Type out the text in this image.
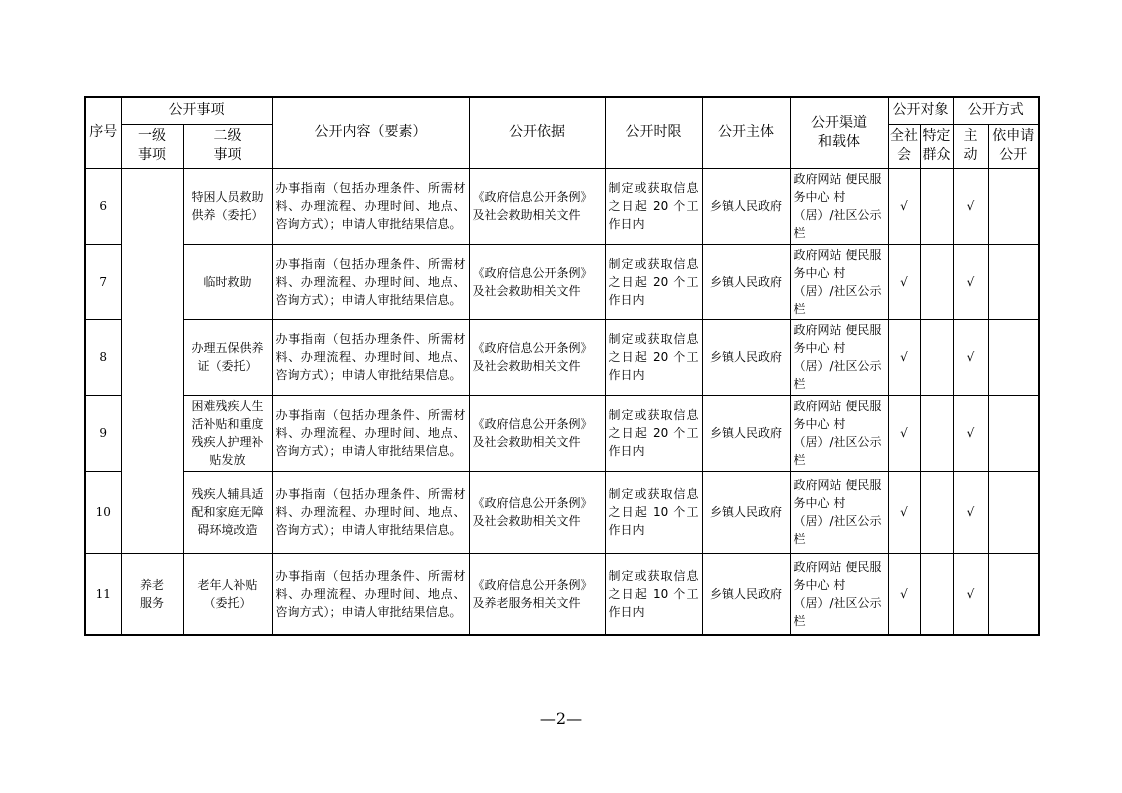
序号	公开事项		公开内容（要素）	公开依据	公开时限	公开主体	公开渠道和载体	公开对象		公开方式	
	一级事项	二级事项						全社会	特定群众	主动	依申请公开
6		特困人员救助供养（委托）	办事指南（包括办理条件、所需材料、办理流程、办理时间、地点、咨询方式）；申请人审批结果信息。	《政府信息公开条例》及社会救助相关文件	制定或获取信息之日起 20 个工作日内	乡镇人民政府	政府网站 便民服务中心 村（居）/社区公示栏	√		√	
7		临时救助	办事指南（包括办理条件、所需材料、办理流程、办理时间、地点、咨询方式）；申请人审批结果信息。	《政府信息公开条例》及社会救助相关文件	制定或获取信息之日起 20 个工作日内	乡镇人民政府	政府网站 便民服务中心 村（居）/社区公示栏	√		√	
8		办理五保供养证（委托）	办事指南（包括办理条件、所需材料、办理流程、办理时间、地点、咨询方式）；申请人审批结果信息。	《政府信息公开条例》及社会救助相关文件	制定或获取信息之日起 20 个工作日内	乡镇人民政府	政府网站 便民服务中心 村（居）/社区公示栏	√		√	
9		困难残疾人生活补贴和重度残疾人护理补贴发放	办事指南（包括办理条件、所需材料、办理流程、办理时间、地点、咨询方式）；申请人审批结果信息。	《政府信息公开条例》及社会救助相关文件	制定或获取信息之日起 20 个工作日内	乡镇人民政府	政府网站 便民服务中心 村（居）/社区公示栏	√		√	
10		残疾人辅具适配和家庭无障碍环境改造	办事指南（包括办理条件、所需材料、办理流程、办理时间、地点、咨询方式）；申请人审批结果信息。	《政府信息公开条例》及社会救助相关文件	制定或获取信息之日起 10 个工作日内	乡镇人民政府	政府网站 便民服务中心 村（居）/社区公示栏	√		√	
11	养老服务	老年人补贴（委托）	办事指南（包括办理条件、所需材料、办理流程、办理时间、地点、咨询方式）；申请人审批结果信息。	《政府信息公开条例》及养老服务相关文件	制定或获取信息之日起 10 个工作日内	乡镇人民政府	政府网站 便民服务中心 村（居）/社区公示栏	√		√	
—2—
